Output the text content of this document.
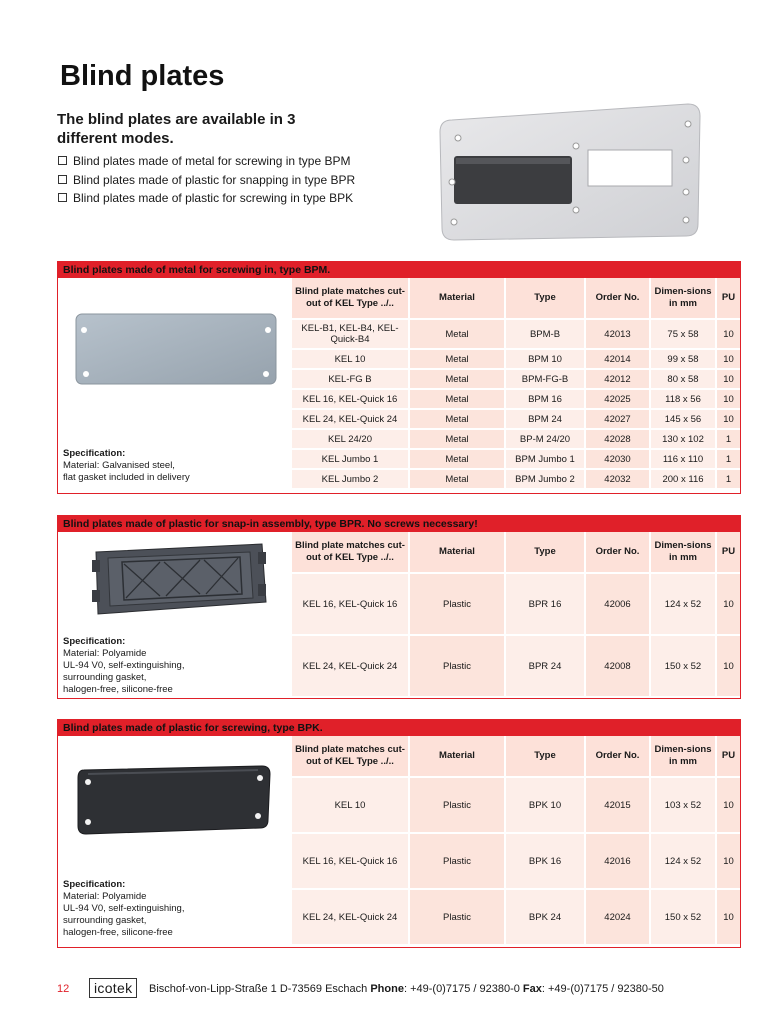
Blind plates

The blind plates are available in 3 different modes.

Blind plates made of metal for screwing in type BPM
Blind plates made of plastic for snapping in type BPR
Blind plates made of plastic for screwing in type BPK
Blind plates made of metal for screwing in, type BPM.
Specification:
Material: Galvanised steel,
flat gasket included in delivery
Blind plate matches cut-out of KEL Type ../..	Material	Type	Order No.	Dimen-sions in mm	PU
KEL-B1, KEL-B4, KEL-Quick-B4	Metal	BPM-B	42013	75 x 58	10
KEL 10	Metal	BPM 10	42014	99 x 58	10
KEL-FG B	Metal	BPM-FG-B	42012	80 x 58	10
KEL 16, KEL-Quick 16	Metal	BPM 16	42025	118 x 56	10
KEL 24, KEL-Quick 24	Metal	BPM 24	42027	145 x 56	10
KEL 24/20	Metal	BP-M 24/20	42028	130 x 102	1
KEL Jumbo 1	Metal	BPM Jumbo 1	42030	116 x 110	1
KEL Jumbo 2	Metal	BPM Jumbo 2	42032	200 x 116	1
Blind plates made of plastic for snap-in assembly, type BPR. No screws necessary!
Specification:
Material: Polyamide
UL-94 V0, self-extinguishing,
surrounding gasket,
halogen-free, silicone-free
Blind plate matches cut-out of KEL Type ../..	Material	Type	Order No.	Dimen-sions in mm	PU
KEL 16, KEL-Quick 16	Plastic	BPR 16	42006	124 x 52	10
KEL 24, KEL-Quick 24	Plastic	BPR 24	42008	150 x 52	10
Blind plates made of plastic for screwing, type BPK.
Specification:
Material: Polyamide
UL-94 V0, self-extinguishing,
surrounding gasket,
halogen-free, silicone-free
Blind plate matches cut-out of KEL Type ../..	Material	Type	Order No.	Dimen-sions in mm	PU
KEL 10	Plastic	BPK 10	42015	103 x 52	10
KEL 16, KEL-Quick 16	Plastic	BPK 16	42016	124 x 52	10
KEL 24, KEL-Quick 24	Plastic	BPK 24	42024	150 x 52	10
12	icotek	Bischof-von-Lipp-Straße 1 D-73569 Eschach Phone: +49-(0)7175 / 92380-0 Fax: +49-(0)7175 / 92380-50
